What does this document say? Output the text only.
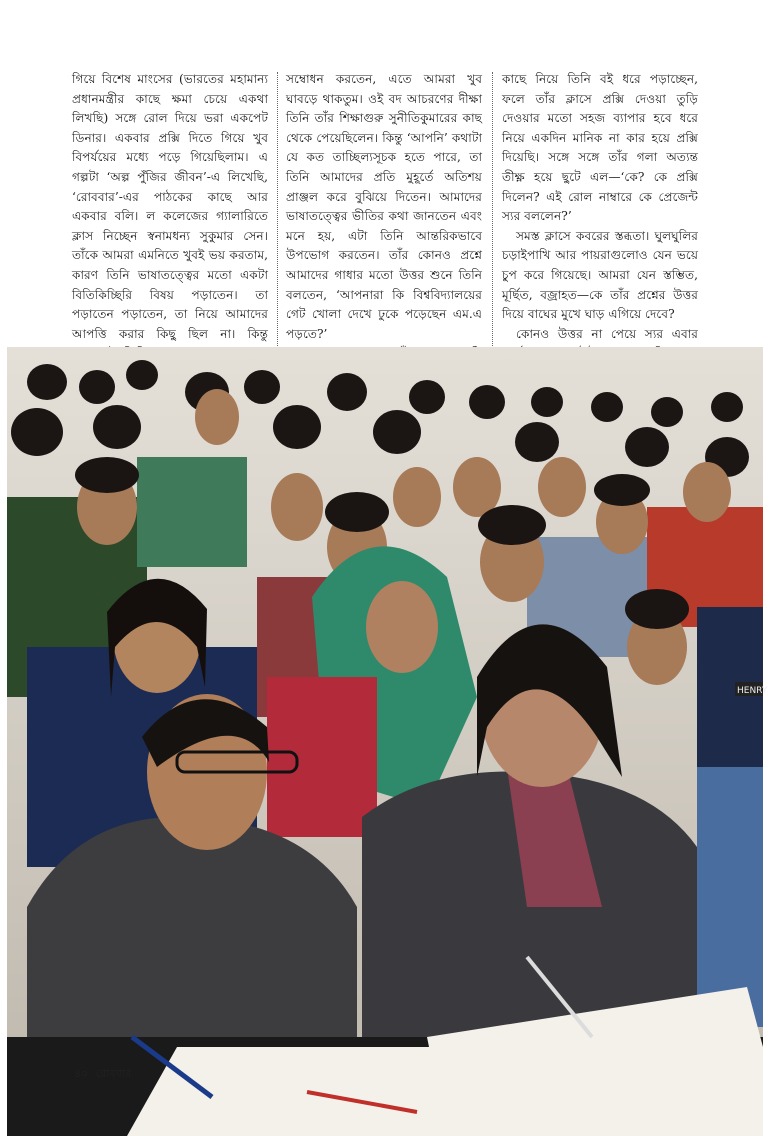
গিয়ে বিশেষ মাংসের (ভারতের মহামান্য প্রধানমন্ত্রীর কাছে ক্ষমা চেয়ে একথা লিখছি) সঙ্গে রোল দিয়ে ভরা একপেট ডিনার। একবার প্রক্সি দিতে গিয়ে খুব বিপর্যয়ের মধ্যে পড়ে গিয়েছিলাম। এ গল্পটা ‘অল্প পুঁজির জীবন’-এ লিখেছি, ‘রোববার’-এর পাঠকের কাছে আর একবার বলি। ল কলেজের গ্যালারিতে ক্লাস নিচ্ছেন স্বনামধন্য সুকুমার সেন। তাঁকে আমরা এমনিতে খুবই ভয় করতাম, কারণ তিনি ভাষাতত্ত্বের মতো একটা বিতিকিচ্ছিরি বিষয় পড়াতেন। তা পড়াতেন পড়াতেন, তা নিয়ে আমাদের আপত্তি করার কিছু ছিল না। কিন্তু

সম্বোধন করতেন, এতে আমরা খুব ঘাবড়ে থাকতুম। ওই বদ আচরণের দীক্ষা তিনি তাঁর শিক্ষাগুরু সুনীতিকুমারের কাছ থেকে পেয়েছিলেন। কিন্তু ‘আপনি’ কথাটা যে কত তাচ্ছিল্যসূচক হতে পারে, তা তিনি আমাদের প্রতি মুহূর্তে অতিশয় প্রাঞ্জল করে বুঝিয়ে দিতেন। আমাদের ভাষাতত্ত্বের ভীতির কথা জানতেন এবং মনে হয়, এটা তিনি আন্তরিকভাবে উপভোগ করতেন। তাঁর কোনও প্রশ্নে আমাদের গাধার মতো উত্তর শুনে তিনি বলতেন, ‘আপনারা কি বিশ্ববিদ্যালয়ের গেট খোলা দেখে ঢুকে পড়েছেন এম.এ পড়তে?’

কাছে নিয়ে তিনি বই ধরে পড়াচ্ছেন, ফলে তাঁর ক্লাসে প্রক্সি দেওয়া তুড়ি দেওয়ার মতো সহজ ব্যাপার হবে ধরে নিয়ে একদিন মানিক না কার হয়ে প্রক্সি দিয়েছি। সঙ্গে সঙ্গে তাঁর গলা অত্যন্ত তীক্ষ্ণ হয়ে ছুটে এল—‘কে? কে প্রক্সি দিলেন? এই রোল নাম্বারে কে প্রেজেন্ট স্যর বললেন?’

সমস্ত ক্লাসে কবরের স্তব্ধতা। ঘুলঘুলির চড়াইপাখি আর পায়রাগুলোও যেন ভয়ে চুপ করে গিয়েছে। আমরা যেন স্তম্ভিত, মূর্ছিত, বজ্রাহত—কে তাঁর প্রশ্নের উত্তর দিয়ে বাঘের মুখে ঘাড় এগিয়ে দেবে?

কোনও উত্তর না পেয়ে স্যর এবার

HENRY
৪০ রোববার
